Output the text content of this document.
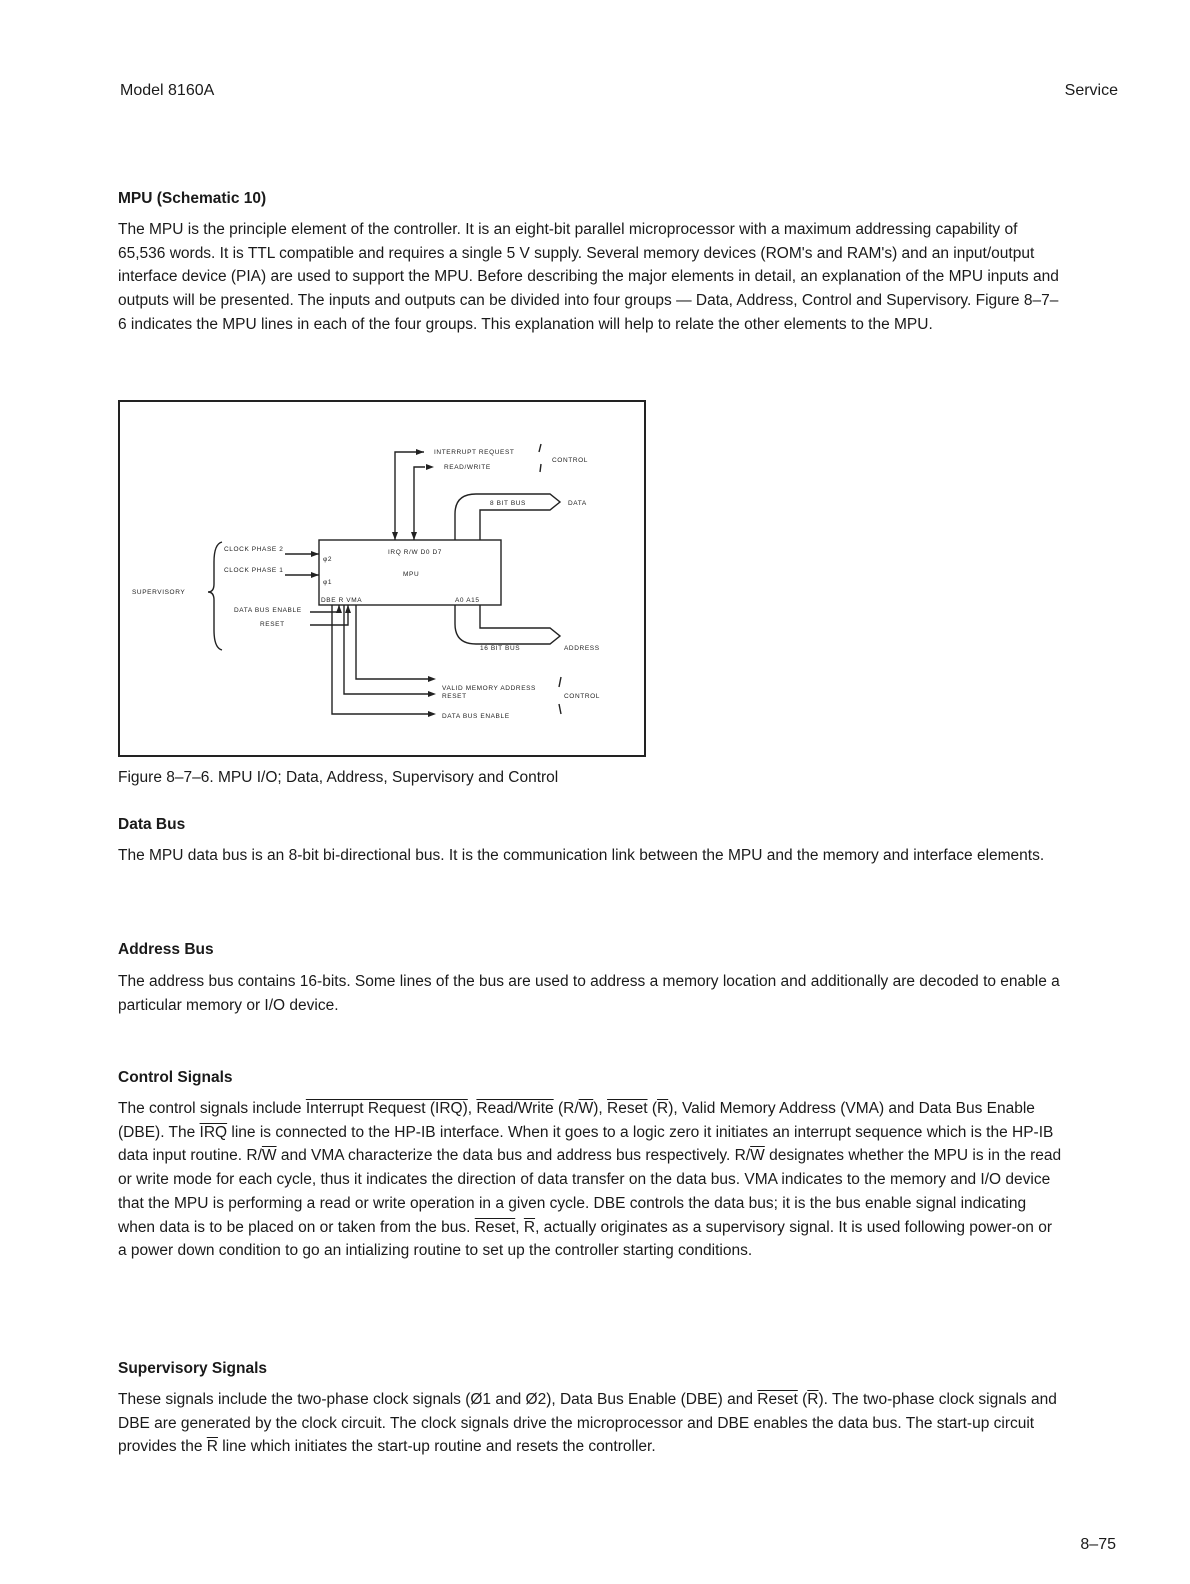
Model 8160A	Service
MPU (Schematic 10)

The MPU is the principle element of the controller. It is an eight-bit parallel microprocessor with a maximum addressing capability of 65,536 words. It is TTL compatible and requires a single 5 V supply. Several memory devices (ROM's and RAM's) and an input/output interface device (PIA) are used to support the MPU. Before describing the major elements in detail, an explanation of the MPU inputs and outputs will be presented. The inputs and outputs can be divided into four groups — Data, Address, Control and Supervisory. Figure 8–7–6 indicates the MPU lines in each of the four groups. This explanation will help to relate the other elements to the MPU.

INTERRUPT REQUEST
READ/WRITE
CONTROL
8 BIT BUS	DATA
16 BIT BUS	ADDRESS
VALID MEMORY ADDRESS
RESET	CONTROL
DATA BUS ENABLE
CLOCK PHASE 2
CLOCK PHASE 1
SUPERVISORY
DATA BUS ENABLE
RESET
IRQ R/W D0 D7
MPU
φ2
φ1
DBE R VMA	A0 A15
Figure 8–7–6. MPU I/O; Data, Address, Supervisory and Control
Data Bus

The MPU data bus is an 8-bit bi-directional bus. It is the communication link between the MPU and the memory and interface elements.

Address Bus

The address bus contains 16-bits. Some lines of the bus are used to address a memory location and additionally are decoded to enable a particular memory or I/O device.

Control Signals

The control signals include Interrupt Request (IRQ), Read/Write $(R/\overline{W})$, Reset $(\overline{R})$, Valid Memory Address (VMA) and Data Bus Enable (DBE). The $\overline{IRQ}$ line is connected to the HP-IB interface. When it goes to a logic zero it initiates an interrupt sequence which is the HP-IB data input routine. $R/\overline{W}$ and VMA characterize the data bus and address bus respectively. $R/\overline{W}$ designates whether the MPU is in the read or write mode for each cycle, thus it indicates the direction of data transfer on the data bus. VMA indicates to the memory and I/O device that the MPU is performing a read or write operation in a given cycle. DBE controls the data bus; it is the bus enable signal indicating when data is to be placed on or taken from the bus. Reset, $\overline{R}$, actually originates as a supervisory signal. It is used following power-on or a power down condition to go an intializing routine to set up the controller starting conditions.

Supervisory Signals

These signals include the two-phase clock signals (Ø1 and Ø2), Data Bus Enable (DBE) and Reset $(\overline{R})$. The two-phase clock signals and DBE are generated by the clock circuit. The clock signals drive the microprocessor and DBE enables the data bus. The start-up circuit provides the $\overline{R}$ line which initiates the start-up routine and resets the controller.

8–75
